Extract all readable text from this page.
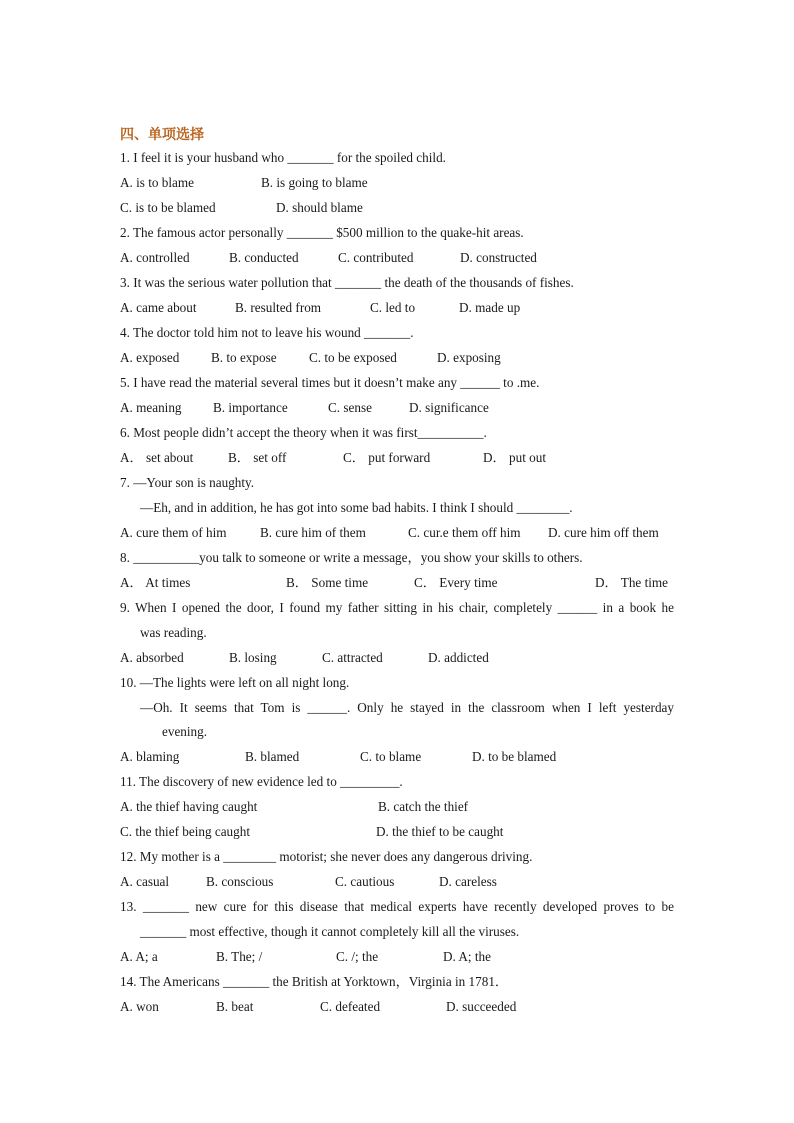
四、单项选择
1. I feel it is your husband who _______ for the spoiled child.
A. is to blame	B. is going to blame
C. is to be blamed	D. should blame
2. The famous actor personally _______ $500 million to the quake-hit areas.
A. controlled	B. conducted	C. contributed	D. constructed
3. It was the serious water pollution that _______ the death of the thousands of fishes.
A. came about	B. resulted from	C. led to	D. made up
4. The doctor told him not to leave his wound _______.
A. exposed B. to expose C. to be exposed	D. exposing
5. I have read the material several times but it doesn’t make any ______ to .me.
A. meaning B. importance	C. sense	D. significance
6. Most people didn’t accept the theory when it was first__________.
A． set about	B． set off	C． put forward	D． put out
7. —Your son is naughty.
—Eh, and in addition, he has got into some bad habits. I think I should ________.
A. cure them of him	B. cure him of them	C. cur.e them off him D. cure him off them
8. __________you talk to someone or write a message，you show your skills to others.
A． At times	B． Some time	C． Every time	D． The time
9. When I opened the door, I found my father sitting in his chair, completely ______ in a book he
was reading.
A. absorbed	B. losing	C. attracted	D. addicted
10. —The lights were left on all night long.
—Oh. It seems that Tom is ______. Only he stayed in the classroom when I left yesterday
evening.
A. blaming	B. blamed	C. to blame	D. to be blamed
11. The discovery of new evidence led to _________.
A. the thief having caught	B. catch the thief
C. the thief being caught	D. the thief to be caught
12. My mother is a ________ motorist; she never does any dangerous driving.
A. casual	B. conscious	C. cautious	D. careless
13. _______ new cure for this disease that medical experts have recently developed proves to be
_______ most effective, though it cannot completely kill all the viruses.
A. A; a	B. The; /	C. /; the	D. A; the
14. The Americans _______ the British at Yorktown，Virginia in 1781．
A. won	B. beat	C. defeated	D. succeeded
